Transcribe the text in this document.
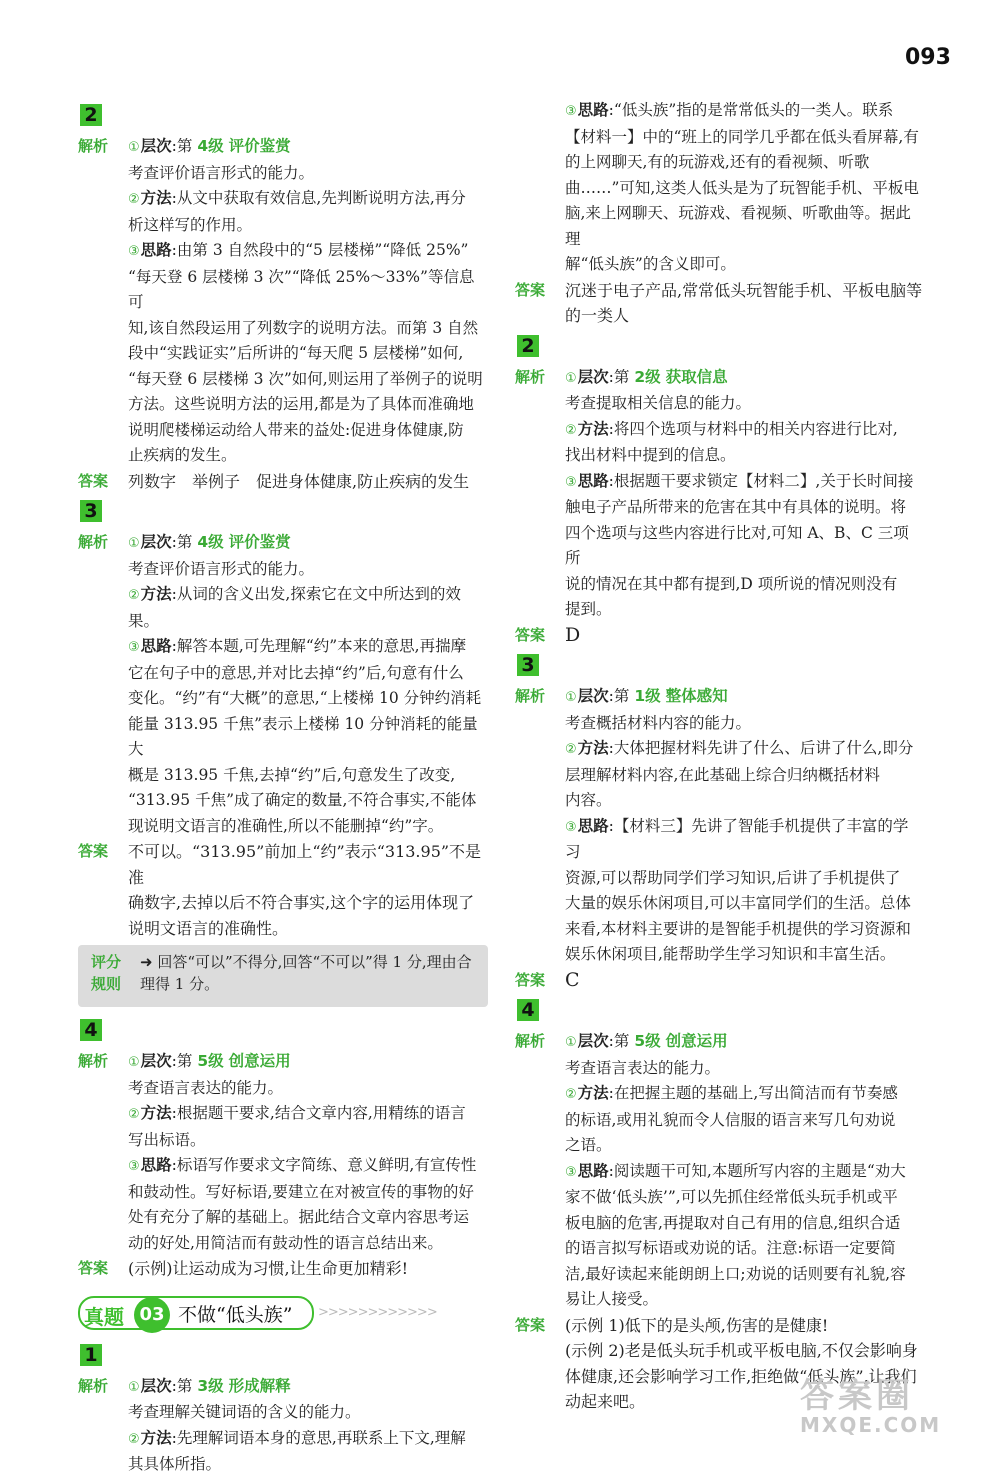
093
2
解析 ①层次:第 4级 评价鉴赏
考查评价语言形式的能力。
②方法:从文中获取有效信息,先判断说明方法,再分
析这样写的作用。
③思路:由第 3 自然段中的“5 层楼梯”“降低 25%”
“每天登 6 层楼梯 3 次”“降低 25%～33%”等信息可
知,该自然段运用了列数字的说明方法。而第 3 自然
段中“实践证实”后所讲的“每天爬 5 层楼梯”如何,
“每天登 6 层楼梯 3 次”如何,则运用了举例子的说明
方法。这些说明方法的运用,都是为了具体而准确地
说明爬楼梯运动给人带来的益处:促进身体健康,防
止疾病的发生。
答案 列数字　举例子　促进身体健康,防止疾病的发生
3
解析 ①层次:第 4级 评价鉴赏
考查评价语言形式的能力。
②方法:从词的含义出发,探索它在文中所达到的效果。
③思路:解答本题,可先理解“约”本来的意思,再揣摩
它在句子中的意思,并对比去掉“约”后,句意有什么
变化。“约”有“大概”的意思,“上楼梯 10 分钟约消耗
能量 313.95 千焦”表示上楼梯 10 分钟消耗的能量大
概是 313.95 千焦,去掉“约”后,句意发生了改变,
“313.95 千焦”成了确定的数量,不符合事实,不能体
现说明文语言的准确性,所以不能删掉“约”字。
答案 不可以。“313.95”前加上“约”表示“313.95”不是准
确数字,去掉以后不符合事实,这个字的运用体现了
说明文语言的准确性。
评分规则
➜ 回答“可以”不得分,回答“不可以”得 1 分,理由合理得 1 分。
4
解析 ①层次:第 5级 创意运用
考查语言表达的能力。
②方法:根据题干要求,结合文章内容,用精练的语言
写出标语。
③思路:标语写作要求文字简练、意义鲜明,有宣传性
和鼓动性。写好标语,要建立在对被宣传的事物的好
处有充分了解的基础上。据此结合文章内容思考运
动的好处,用简洁而有鼓动性的语言总结出来。
答案 (示例)让运动成为习惯,让生命更加精彩!
真题 03 不做“低头族” >>>>>>>>>>>>
1
解析 ①层次:第 3级 形成解释
考查理解关键词语的含义的能力。
②方法:先理解词语本身的意思,再联系上下文,理解
其具体所指。
③思路:“低头族”指的是常常低头的一类人。联系
【材料一】中的“班上的同学几乎都在低头看屏幕,有
的上网聊天,有的玩游戏,还有的看视频、听歌
曲……”可知,这类人低头是为了玩智能手机、平板电
脑,来上网聊天、玩游戏、看视频、听歌曲等。据此理
解“低头族”的含义即可。
答案 沉迷于电子产品,常常低头玩智能手机、平板电脑等
的一类人
2
解析 ①层次:第 2级 获取信息
考查提取相关信息的能力。
②方法:将四个选项与材料中的相关内容进行比对,
找出材料中提到的信息。
③思路:根据题干要求锁定【材料二】,关于长时间接
触电子产品所带来的危害在其中有具体的说明。将
四个选项与这些内容进行比对,可知 A、B、C 三项所
说的情况在其中都有提到,D 项所说的情况则没有
提到。
答案 D
3
解析 ①层次:第 1级 整体感知
考查概括材料内容的能力。
②方法:大体把握材料先讲了什么、后讲了什么,即分
层理解材料内容,在此基础上综合归纳概括材料
内容。
③思路:【材料三】先讲了智能手机提供了丰富的学习
资源,可以帮助同学们学习知识,后讲了手机提供了
大量的娱乐休闲项目,可以丰富同学们的生活。总体
来看,本材料主要讲的是智能手机提供的学习资源和
娱乐休闲项目,能帮助学生学习知识和丰富生活。
答案 C
4
解析 ①层次:第 5级 创意运用
考查语言表达的能力。
②方法:在把握主题的基础上,写出简洁而有节奏感
的标语,或用礼貌而令人信服的语言来写几句劝说
之语。
③思路:阅读题干可知,本题所写内容的主题是“劝大
家不做‘低头族’”,可以先抓住经常低头玩手机或平
板电脑的危害,再提取对自己有用的信息,组织合适
的语言拟写标语或劝说的话。注意:标语一定要简
洁,最好读起来能朗朗上口;劝说的话则要有礼貌,容
易让人接受。
答案 (示例 1)低下的是头颅,伤害的是健康!
(示例 2)老是低头玩手机或平板电脑,不仅会影响身
体健康,还会影响学习工作,拒绝做“低头族”,让我们
动起来吧。	答案圈
MXQE.COM
